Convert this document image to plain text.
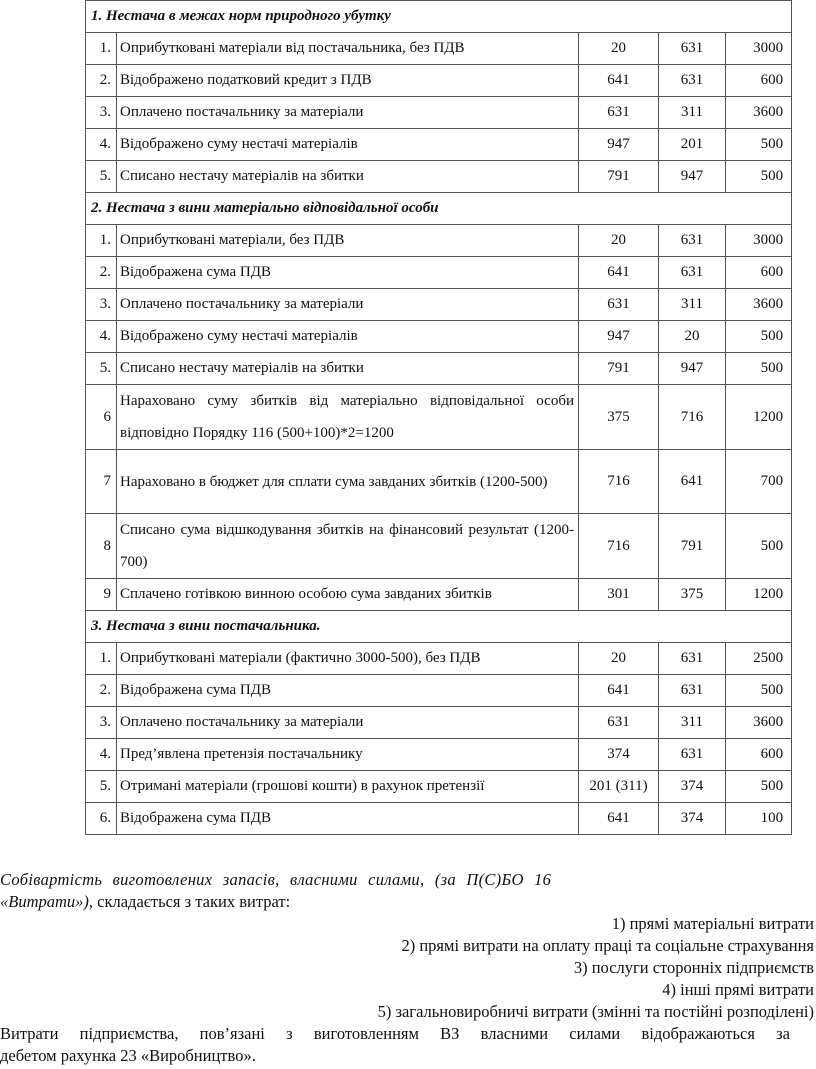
1. Нестача в межах норм природного убутку				
1.	Оприбутковані матеріали від постачальника, без ПДВ	20	631	3000
2.	Відображено податковий кредит з ПДВ	641	631	600
3.	Оплачено постачальнику за матеріали	631	311	3600
4.	Відображено суму нестачі матеріалів	947	201	500
5.	Списано нестачу матеріалів на збитки	791	947	500
2. Нестача з вини матеріально відповідальної особи				
1.	Оприбутковані матеріали, без ПДВ	20	631	3000
2.	Відображена сума ПДВ	641	631	600
3.	Оплачено постачальнику за матеріали	631	311	3600
4.	Відображено суму нестачі матеріалів	947	20	500
5.	Списано нестачу матеріалів на збитки	791	947	500
6	Нараховано суму збитків від матеріально відповідальної особи відповідно Порядку 116 (500+100)*2=1200	375	716	1200
7	Нараховано в бюджет для сплати сума завданих збитків (1200-500)	716	641	700
8	Списано сума відшкодування збитків на фінансовий результат (1200-700)	716	791	500
9	Сплачено готівкою винною особою сума завданих збитків	301	375	1200
3. Нестача з вини постачальника.				
1.	Оприбутковані матеріали (фактично 3000-500), без ПДВ	20	631	2500
2.	Відображена сума ПДВ	641	631	500
3.	Оплачено постачальнику за матеріали	631	311	3600
4.	Пред’явлена претензія постачальнику	374	631	600
5.	Отримані матеріали (грошові кошти) в рахунок претензії	201 (311)	374	500
6.	Відображена сума ПДВ	641	374	100
Собівартість виготовлених запасів, власними силами, (за П(С)БО 16
«Витрати»), складається з таких витрат:
1) прямі матеріальні витрати
2) прямі витрати на оплату праці та соціальне страхування
3) послуги сторонніх підприємств
4) інші прямі витрати
5) загальновиробничі витрати (змінні та постійні розподілені)
Витрати підприємства, пов’язані з виготовленням ВЗ власними силами відображаються за
дебетом рахунка 23 «Виробництво».
